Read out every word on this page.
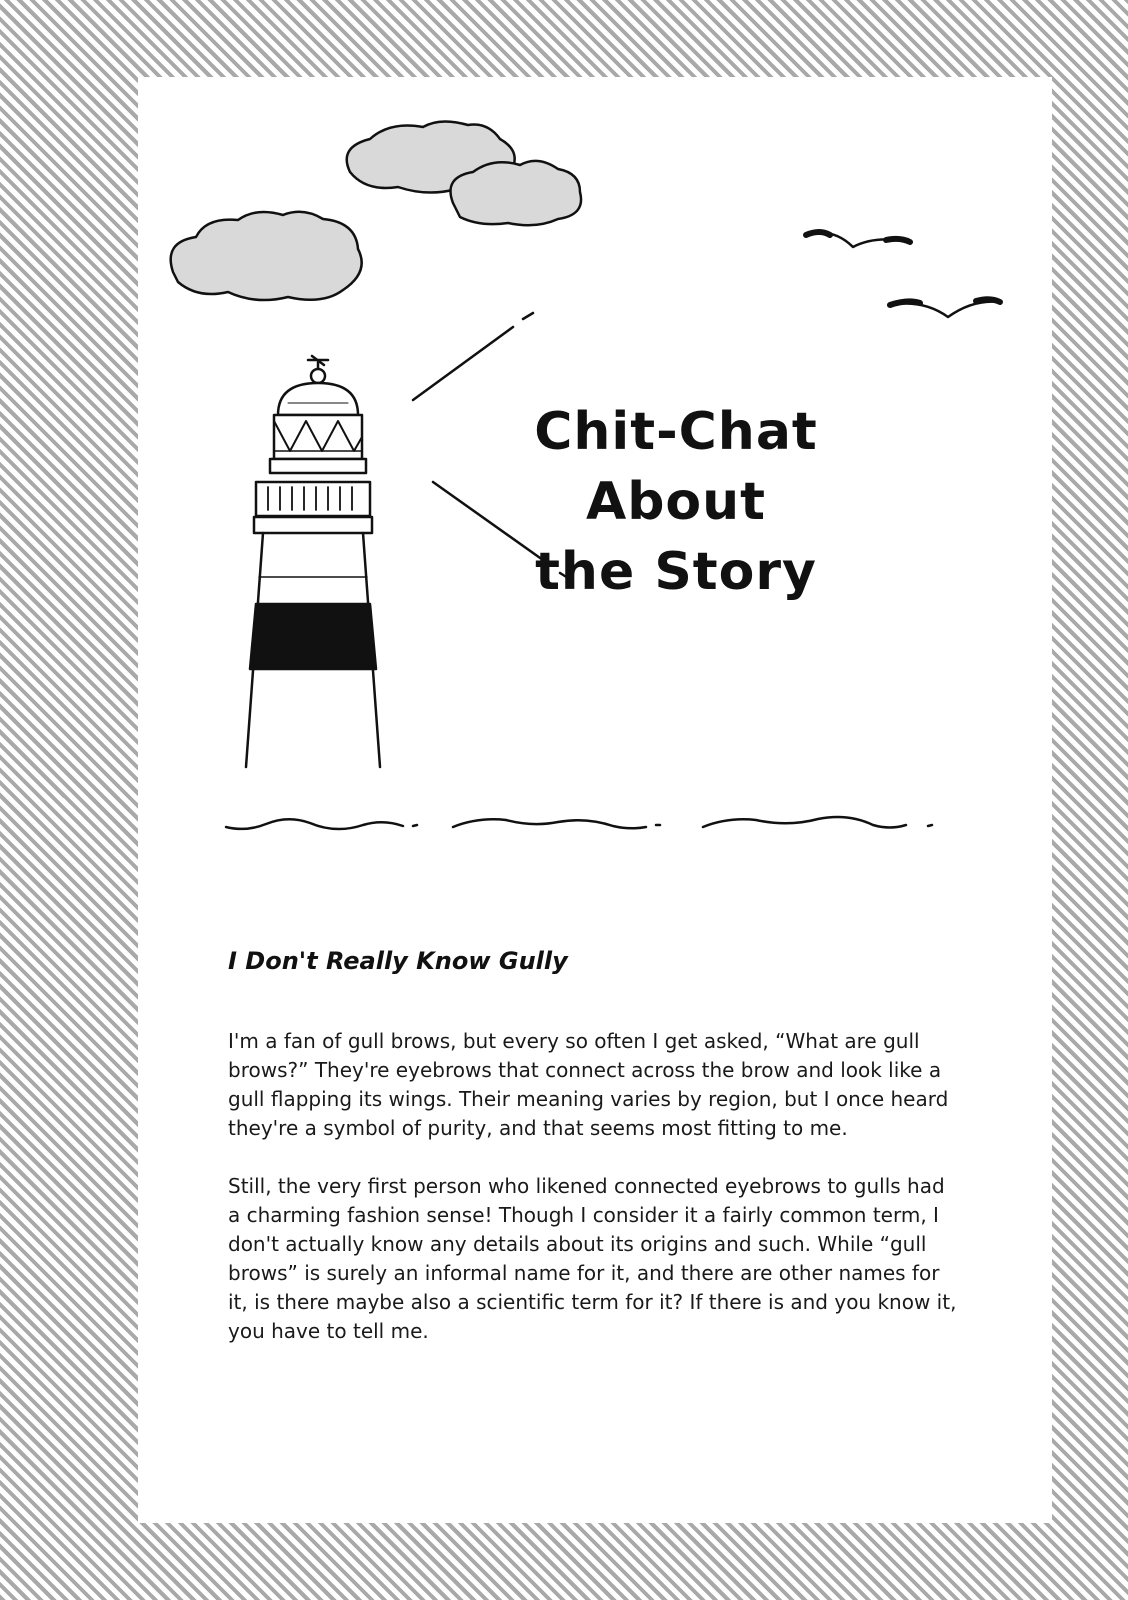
Chit-Chat About
the Story
I Don't Really Know Gully

I'm a fan of gull brows, but every so often I get asked, “What are gull brows?” They're eyebrows that connect across the brow and look like a gull flapping its wings. Their meaning varies by region, but I once heard they're a symbol of purity, and that seems most fitting to me.

Still, the very first person who likened connected eyebrows to gulls had a charming fashion sense! Though I consider it a fairly common term, I don't actually know any details about its origins and such. While “gull brows” is surely an informal name for it, and there are other names for it, is there maybe also a scientific term for it? If there is and you know it, you have to tell me.
